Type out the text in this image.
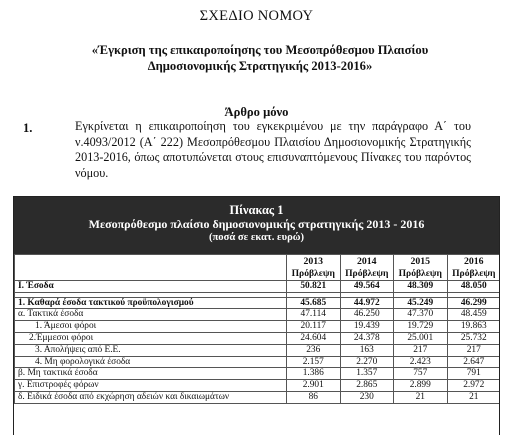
ΣΧΕΔΙΟ ΝΟΜΟΥ
«Έγκριση της επικαιροποίησης του Μεσοπρόθεσμου Πλαισίου
Δημοσιονομικής Στρατηγικής 2013-2016»
Άρθρο μόνο
1.	Εγκρίνεται η επικαιροποίηση του εγκεκριμένου με την παράγραφο Α΄ του ν.4093/2012 (Α΄ 222) Μεσοπρόθεσμου Πλαισίου Δημοσιονομικής Στρατηγικής 2013-2016, όπως αποτυπώνεται στους επισυναπτόμενους Πίνακες του παρόντος νόμου.
Πίνακας 1
Μεσοπρόθεσμο πλαίσιο δημοσιονομικής στρατηγικής 2013 - 2016
(ποσά σε εκατ. ευρώ)
	2013	2014	2015	2016
	Πρόβλεψη	Πρόβλεψη	Πρόβλεψη	Πρόβλεψη
Ι. Έσοδα	50.821	49.564	48.309	48.050

1. Καθαρά έσοδα τακτικού προϋπολογισμού	45.685	44.972	45.249	46.299
α. Τακτικά έσοδα	47.114	46.250	47.370	48.459
1. Άμεσοι φόροι	20.117	19.439	19.729	19.863
2.Έμμεσοι φόροι	24.604	24.378	25.001	25.732
3. Απολήψεις από Ε.Ε.	236	163	217	217
4. Μη φορολογικά έσοδα	2.157	2.270	2.423	2.647
β. Μη τακτικά έσοδα	1.386	1.357	757	791
γ. Επιστροφές φόρων	2.901	2.865	2.899	2.972
δ. Ειδικά έσοδα από εκχώρηση αδειών και δικαιωμάτων	86	230	21	21
